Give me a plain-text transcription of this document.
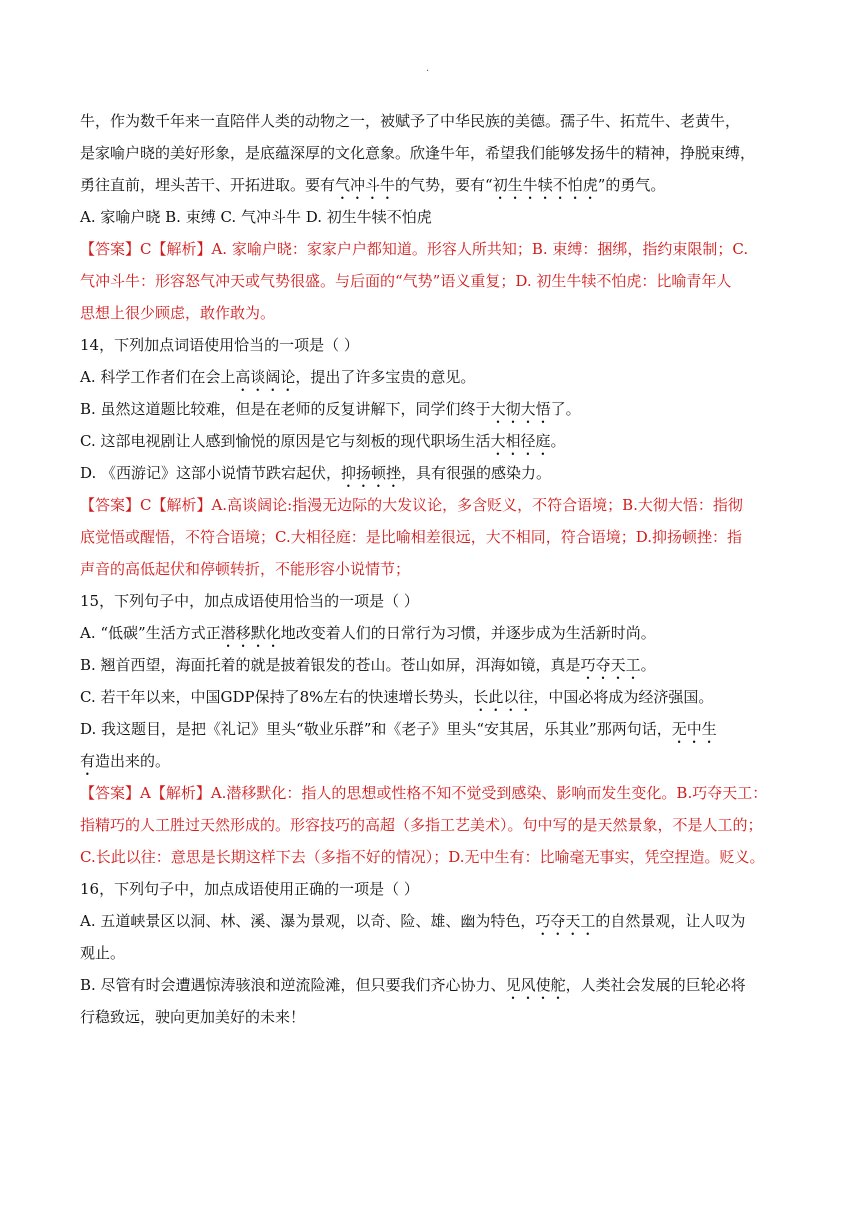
·
牛，作为数千年来一直陪伴人类的动物之一，被赋予了中华民族的美德。孺子牛、拓荒牛、老黄牛，
是家喻户晓的美好形象，是底蕴深厚的文化意象。欣逢牛年，希望我们能够发扬牛的精神，挣脱束缚，
勇往直前，埋头苦干、开拓进取。要有气冲斗牛的气势，要有“初生牛犊不怕虎”的勇气。
A. 家喻户晓 B. 束缚 C. 气冲斗牛 D. 初生牛犊不怕虎
【答案】C【解析】A. 家喻户晓：家家户户都知道。形容人所共知；B. 束缚：捆绑，指约束限制；C.
气冲斗牛：形容怒气冲天或气势很盛。与后面的“气势”语义重复；D. 初生牛犊不怕虎：比喻青年人
思想上很少顾虑，敢作敢为。
14，下列加点词语使用恰当的一项是（ ）
A. 科学工作者们在会上高谈阔论，提出了许多宝贵的意见。
B. 虽然这道题比较难，但是在老师的反复讲解下，同学们终于大彻大悟了。
C. 这部电视剧让人感到愉悦的原因是它与刻板的现代职场生活大相径庭。
D. 《西游记》这部小说情节跌宕起伏，抑扬顿挫，具有很强的感染力。
【答案】C【解析】A.高谈阔论:指漫无边际的大发议论，多含贬义，不符合语境；B.大彻大悟：指彻
底觉悟或醒悟，不符合语境；C.大相径庭：是比喻相差很远，大不相同，符合语境；D.抑扬顿挫：指
声音的高低起伏和停顿转折，不能形容小说情节；
15，下列句子中，加点成语使用恰当的一项是（ ）
A. “低碳”生活方式正潜移默化地改变着人们的日常行为习惯，并逐步成为生活新时尚。
B. 翘首西望，海面托着的就是披着银发的苍山。苍山如屏，洱海如镜，真是巧夺天工。
C. 若干年以来，中国GDP保持了8%左右的快速增长势头，长此以往，中国必将成为经济强国。
D. 我这题目，是把《礼记》里头“敬业乐群”和《老子》里头“安其居，乐其业”那两句话，无中生
有造出来的。
【答案】A【解析】A.潜移默化：指人的思想或性格不知不觉受到感染、影响而发生变化。B.巧夺天工：
指精巧的人工胜过天然形成的。形容技巧的高超（多指工艺美术）。句中写的是天然景象，不是人工的；
C.长此以往：意思是长期这样下去（多指不好的情况）；D.无中生有：比喻毫无事实，凭空捏造。贬义。
16，下列句子中，加点成语使用正确的一项是（ ）
A. 五道峡景区以洞、林、溪、瀑为景观，以奇、险、雄、幽为特色，巧夺天工的自然景观，让人叹为
观止。
B. 尽管有时会遭遇惊涛骇浪和逆流险滩，但只要我们齐心协力、见风使舵，人类社会发展的巨轮必将
行稳致远，驶向更加美好的未来！
